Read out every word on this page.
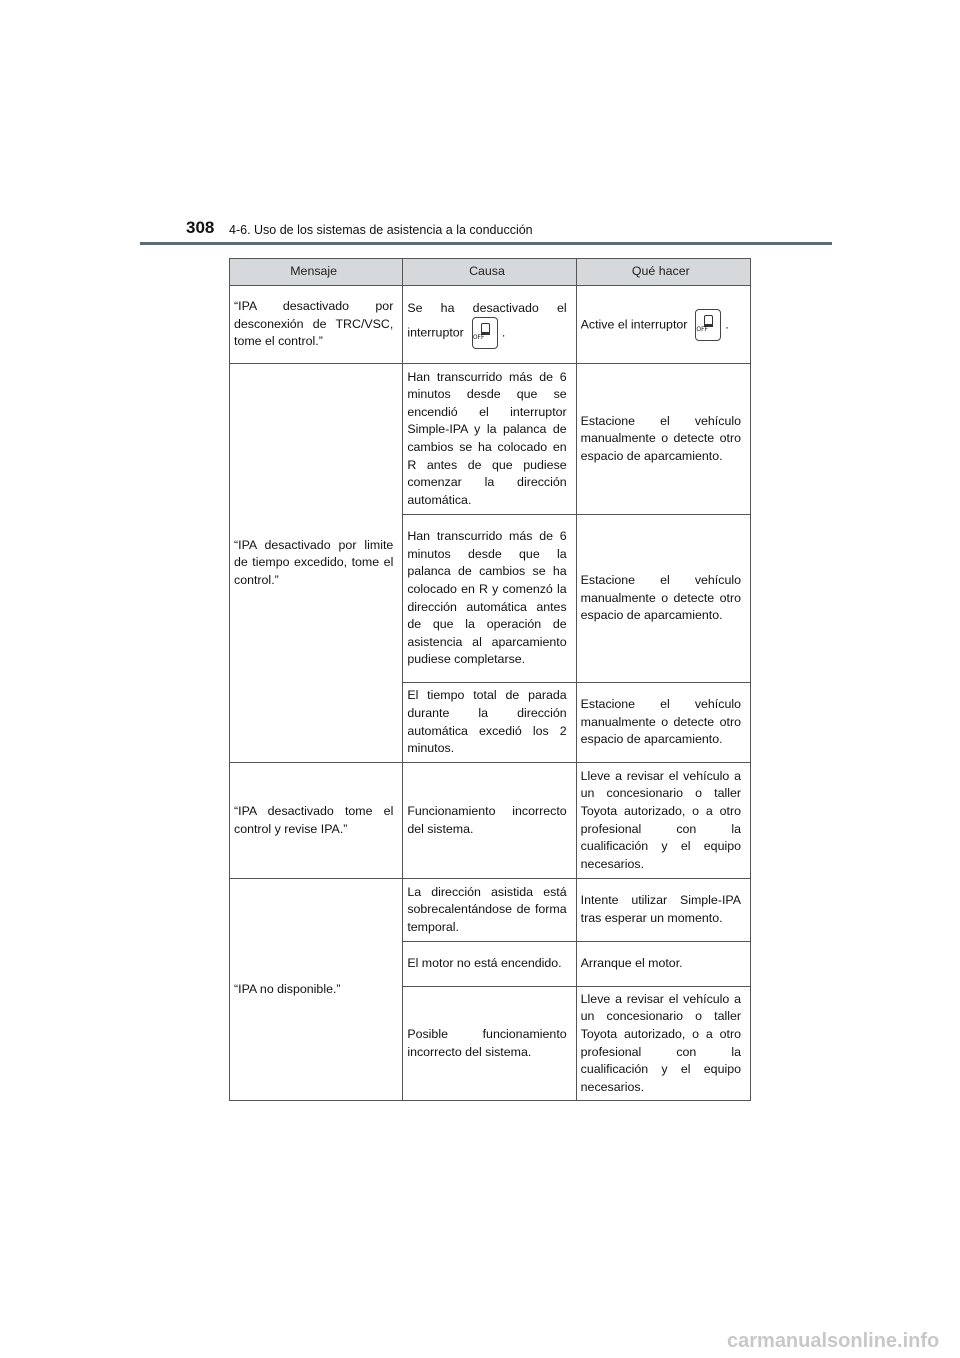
308 4-6. Uso de los sistemas de asistencia a la conducción
Mensaje	Causa	Qué hacer
“IPA desactivado por desconexión de TRC/VSC, tome el control.”	Se ha desactivado el interruptor OFF .	Active el interruptor OFF .
“IPA desactivado por limite de tiempo excedido, tome el control.”	Han transcurrido más de 6 minutos desde que se encendió el interruptor Simple-IPA y la palanca de cambios se ha colocado en R antes de que pudiese comenzar la dirección automática.	Estacione el vehículo manualmente o detecte otro espacio de aparcamiento.
	Han transcurrido más de 6 minutos desde que la palanca de cambios se ha colocado en R y comenzó la dirección automática antes de que la operación de asistencia al aparcamiento pudiese completarse.	Estacione el vehículo manualmente o detecte otro espacio de aparcamiento.
	El tiempo total de parada durante la dirección automática excedió los 2 minutos.	Estacione el vehículo manualmente o detecte otro espacio de aparcamiento.
“IPA desactivado tome el control y revise IPA.”	Funcionamiento incorrecto del sistema.	Lleve a revisar el vehículo a un concesionario o taller Toyota autorizado, o a otro profesional con la cualificación y el equipo necesarios.
“IPA no disponible.”	La dirección asistida está sobrecalentándose de forma temporal.	Intente utilizar Simple-IPA tras esperar un momento.
	El motor no está encendido.	Arranque el motor.
	Posible funcionamiento incorrecto del sistema.	Lleve a revisar el vehículo a un concesionario o taller Toyota autorizado, o a otro profesional con la cualificación y el equipo necesarios.
carmanualsonline.info
